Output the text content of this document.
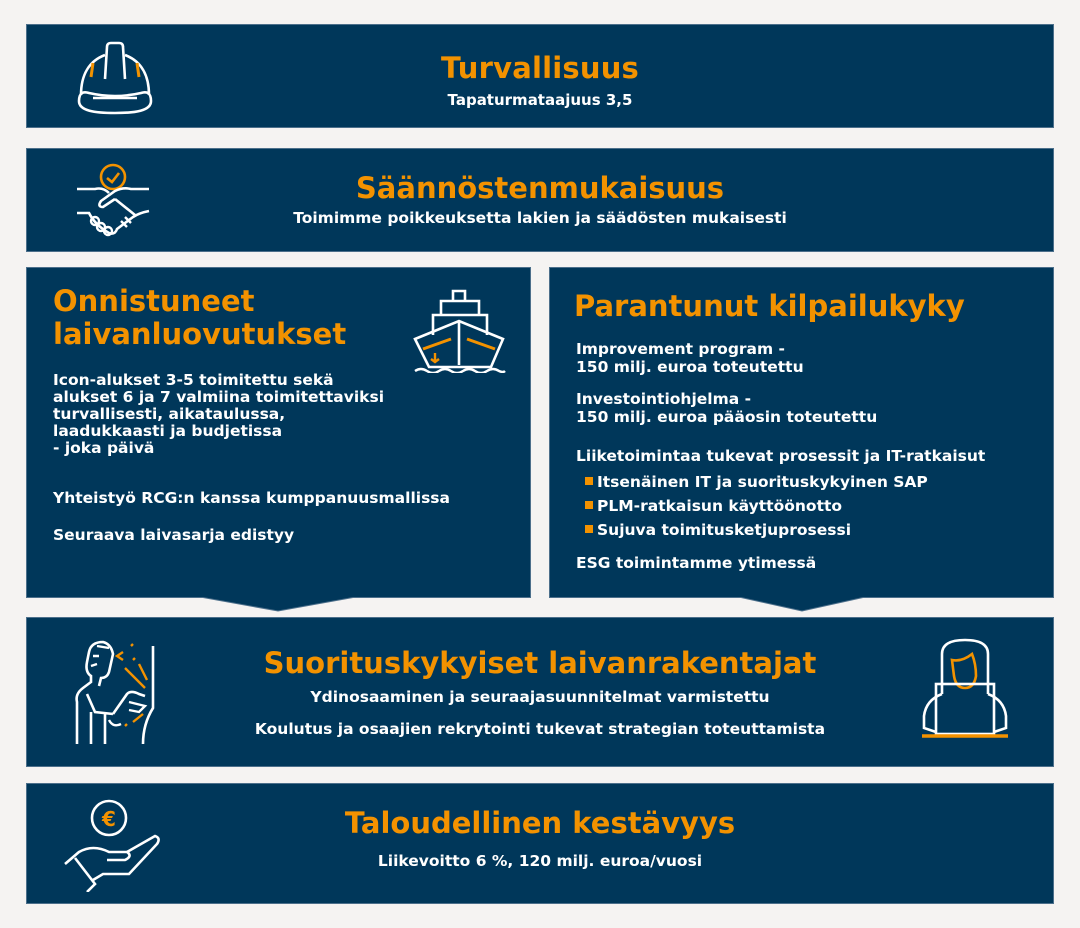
Turvallisuus
Tapaturmataajuus 3,5
Säännöstenmukaisuus
Toimimme poikkeuksetta lakien ja säädösten mukaisesti
Onnistuneet
laivanluovutukset
Icon-alukset 3-5 toimitettu sekä
alukset 6 ja 7 valmiina toimitettaviksi
turvallisesti, aikataulussa,
laadukkaasti ja budjetissa
- joka päivä
Yhteistyö RCG:n kanssa kumppanuusmallissa
Seuraava laivasarja edistyy
Parantunut kilpailukyky
Improvement program -
150 milj. euroa toteutettu
Investointiohjelma -
150 milj. euroa pääosin toteutettu
Liiketoimintaa tukevat prosessit ja IT-ratkaisut
Itsenäinen IT ja suorituskykyinen SAP
PLM-ratkaisun käyttöönotto
Sujuva toimitusketjuprosessi
ESG toimintamme ytimessä
Suorituskykyiset laivanrakentajat
Ydinosaaminen ja seuraajasuunnitelmat varmistettu
Koulutus ja osaajien rekrytointi tukevat strategian toteuttamista
€	Taloudellinen kestävyys
Liikevoitto 6 %, 120 milj. euroa/vuosi
